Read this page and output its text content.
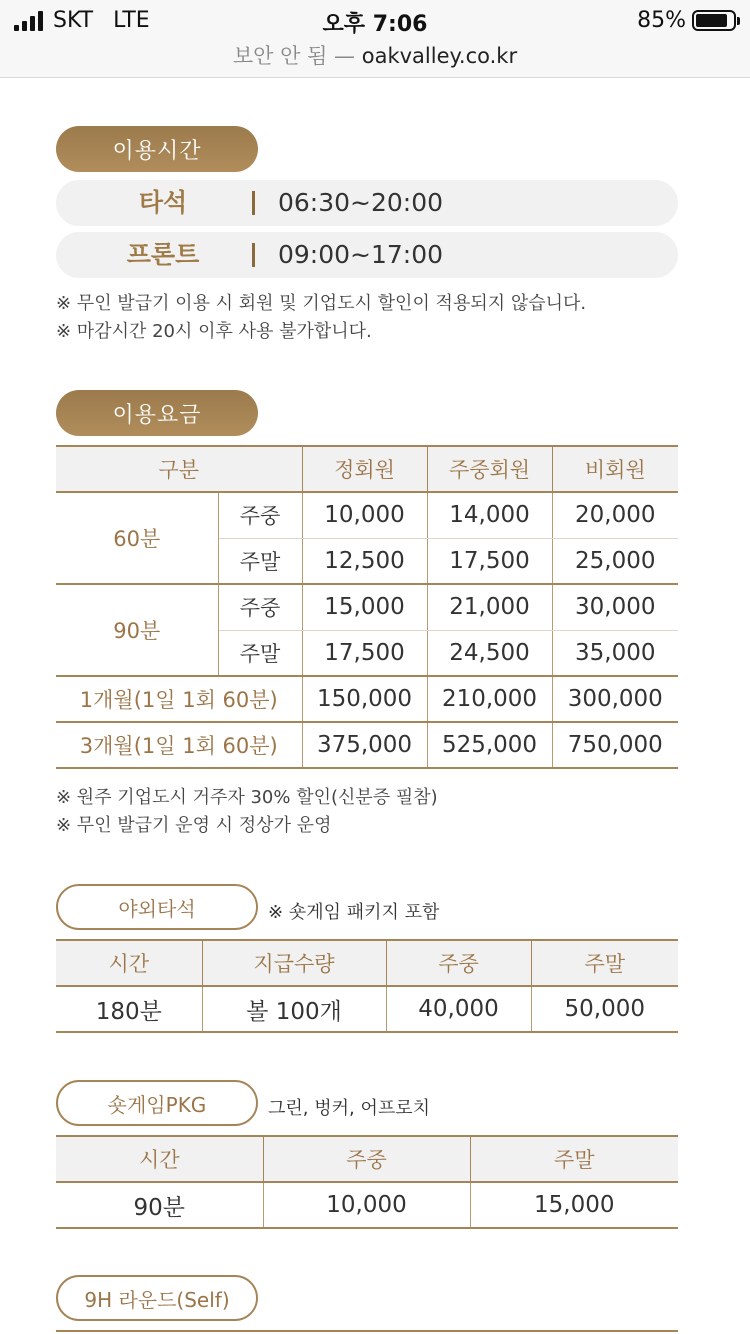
SKT LTE	오후 7:06	85%
보안 안 됨 — oakvalley.co.kr
이용시간
타석	06:30~20:00
프론트	09:00~17:00
※ 무인 발급기 이용 시 회원 및 기업도시 할인이 적용되지 않습니다.
※ 마감시간 20시 이후 사용 불가합니다.
이용요금
구분		정회원	주중회원	비회원
60분	주중	10,000	14,000	20,000
	주말	12,500	17,500	25,000
90분	주중	15,000	21,000	30,000
	주말	17,500	24,500	35,000
1개월(1일 1회 60분)		150,000	210,000	300,000
3개월(1일 1회 60분)		375,000	525,000	750,000
※ 원주 기업도시 거주자 30% 할인(신분증 필참)
※ 무인 발급기 운영 시 정상가 운영
야외타석	※ 숏게임 패키지 포함
시간	지급수량	주중	주말
180분	볼 100개	40,000	50,000
숏게임PKG	그린, 벙커, 어프로치
시간	주중	주말
90분	10,000	15,000
9H 라운드(Self)
